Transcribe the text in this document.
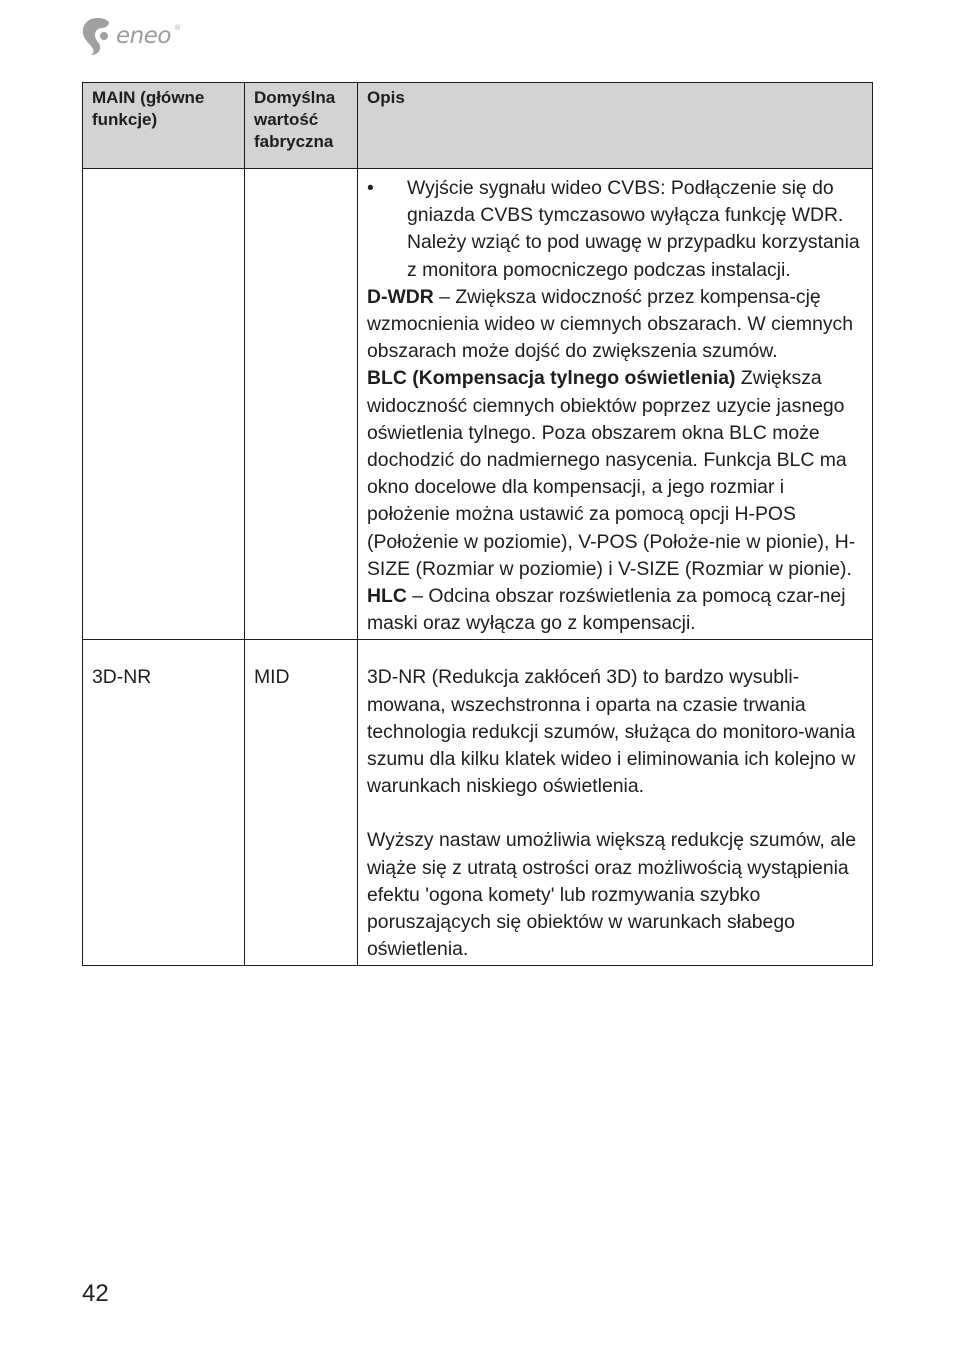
eneo ®
MAIN (główne funkcje)	Domyślna wartość fabryczna	Opis

		• Wyjście sygnału wideo CVBS: Podłączenie się do gniazda CVBS tymczasowo wyłącza funkcję WDR. Należy wziąć to pod uwagę w przypadku korzystania z monitora pomocniczego podczas instalacji.

D-WDR – Zwiększa widoczność przez kompensa-cję wzmocnienia wideo w ciemnych obszarach. W ciemnych obszarach może dojść do zwiększenia szumów.

BLC (Kompensacja tylnego oświetlenia) Zwiększa widoczność ciemnych obiektów poprzez uzycie jasnego oświetlenia tylnego. Poza obszarem okna BLC może dochodzić do nadmiernego nasycenia. Funkcja BLC ma okno docelowe dla kompensacji, a jego rozmiar i położenie można ustawić za pomocą opcji H-POS (Położenie w poziomie), V-POS (Położe-nie w pionie), H-SIZE (Rozmiar w poziomie) i V-SIZE (Rozmiar w pionie).

HLC – Odcina obszar rozświetlenia za pomocą czar-nej maski oraz wyłącza go z kompensacji.

3D-NR	MID	3D-NR (Redukcja zakłóceń 3D) to bardzo wysubli-mowana, wszechstronna i oparta na czasie trwania technologia redukcji szumów, służąca do monitoro-wania szumu dla kilku klatek wideo i eliminowania ich kolejno w warunkach niskiego oświetlenia.

Wyższy nastaw umożliwia większą redukcję szumów, ale wiąże się z utratą ostrości oraz możliwością wystąpienia efektu 'ogona komety' lub rozmywania szybko poruszających się obiektów w warunkach słabego oświetlenia.

42
